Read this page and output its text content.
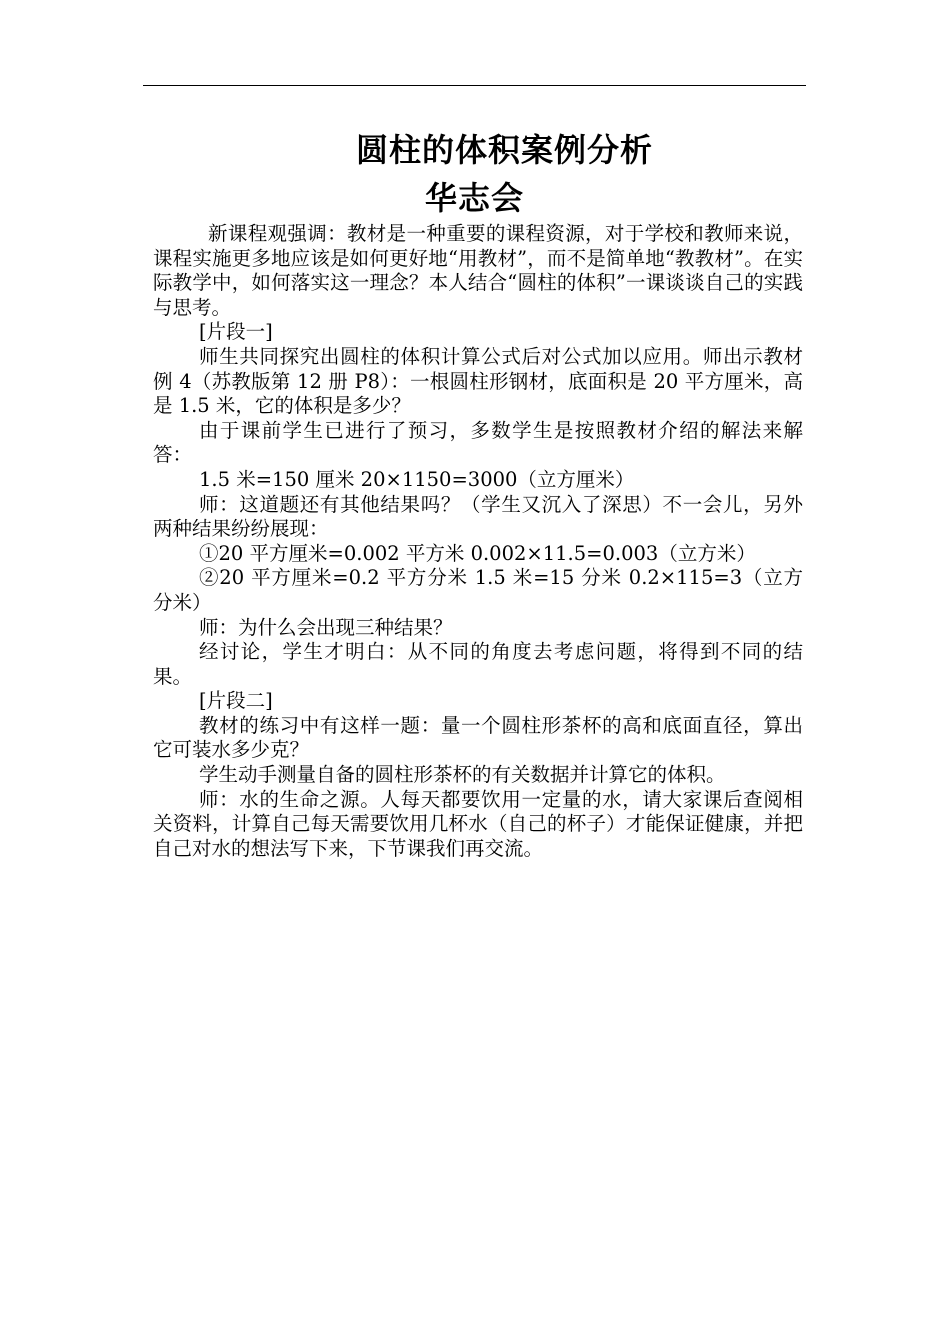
圆柱的体积案例分析
华志会

新课程观强调：教材是一种重要的课程资源，对于学校和教师来说，课程实施更多地应该是如何更好地“用教材”，而不是简单地“教教材”。在实际教学中，如何落实这一理念？本人结合“圆柱的体积”一课谈谈自己的实践与思考。

[片段一]

师生共同探究出圆柱的体积计算公式后对公式加以应用。师出示教材例 4（苏教版第 12 册 P8）：一根圆柱形钢材，底面积是 20 平方厘米，高是 1.5 米，它的体积是多少？

由于课前学生已进行了预习，多数学生是按照教材介绍的解法来解答：

1.5 米=150 厘米 20×1150=3000（立方厘米）

师：这道题还有其他结果吗？（学生又沉入了深思）不一会儿，另外两种结果纷纷展现：

①20 平方厘米=0.002 平方米 0.002×11.5=0.003（立方米）

②20 平方厘米=0.2 平方分米 1.5 米=15 分米 0.2×115=3（立方分米）

师：为什么会出现三种结果？

经讨论，学生才明白：从不同的角度去考虑问题，将得到不同的结果。

[片段二]

教材的练习中有这样一题：量一个圆柱形茶杯的高和底面直径，算出它可装水多少克？

学生动手测量自备的圆柱形茶杯的有关数据并计算它的体积。

师：水的生命之源。人每天都要饮用一定量的水，请大家课后查阅相关资料，计算自己每天需要饮用几杯水（自己的杯子）才能保证健康，并把自己对水的想法写下来，下节课我们再交流。
